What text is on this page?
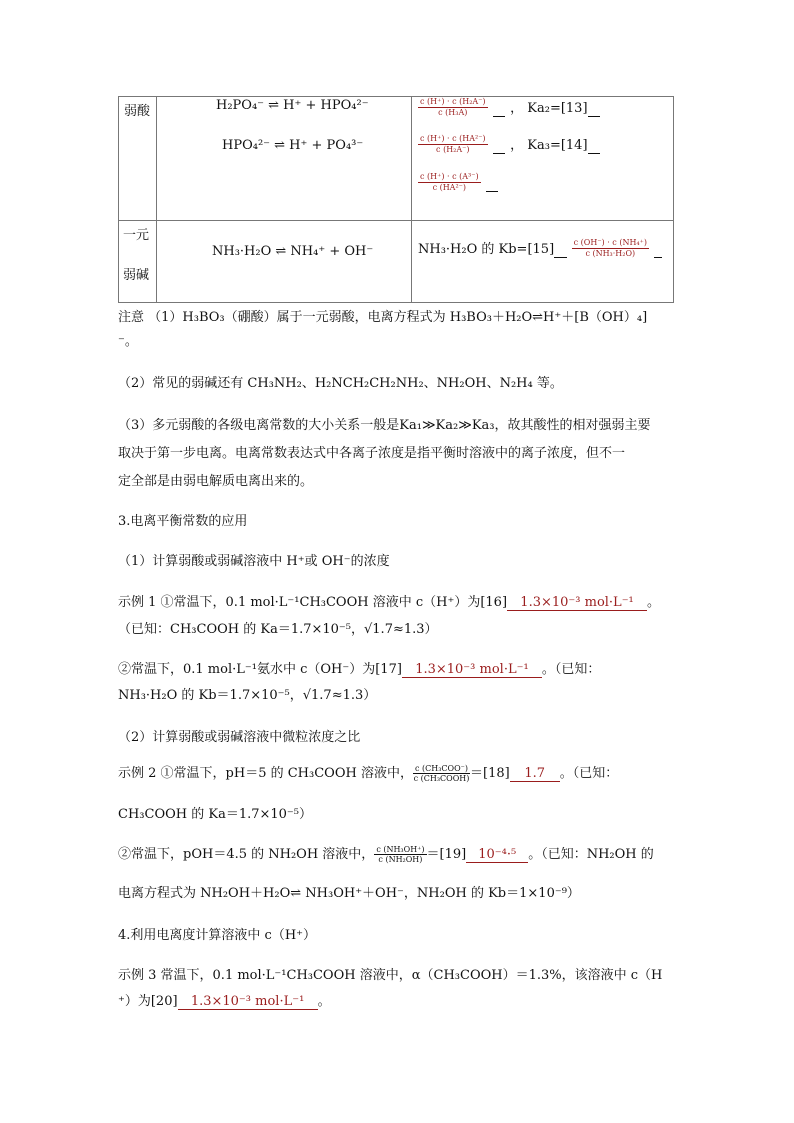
弱酸	H₂PO₄⁻ ⇌ H⁺ + HPO₄²⁻
HPO₄²⁻ ⇌ H⁺ + PO₄³⁻
$\frac{\text{c (H⁺) · c (H₂A⁻)}}{\text{c (H₃A)}}$ ， Ka₂=[13]
$\frac{\text{c (H⁺) · c (HA²⁻)}}{\text{c (H₂A⁻)}}$ ， Ka₃=[14]
$\frac{\text{c (H⁺) · c (A³⁻)}}{\text{c (HA²⁻)}}$

一元
弱碱
NH₃·H₂O ⇌ NH₄⁺ + OH⁻	NH₃·H₂O 的 $Kb=[15] \frac{\text{c (OH⁻) · c (NH₄⁺)}}{\text{c (NH₃·H₂O)}}$

注意 （1）H₃BO₃（硼酸）属于一元弱酸，电离方程式为 H₃BO₃＋H₂O⇌H⁺＋[B（OH）₄]
⁻。
（2）常见的弱碱还有 CH₃NH₂、H₂NCH₂CH₂NH₂、NH₂OH、N₂H₄ 等。
（3）多元弱酸的各级电离常数的大小关系一般是Ka₁≫Ka₂≫Ka₃，故其酸性的相对强弱主要
取决于第一步电离。电离常数表达式中各离子浓度是指平衡时溶液中的离子浓度，但不一
定全部是由弱电解质电离出来的。
3.电离平衡常数的应用
（1）计算弱酸或弱碱溶液中 H⁺或 OH⁻的浓度
示例 1 ①常温下，0.1 mol·L⁻¹CH₃COOH 溶液中 c（H⁺）为[16] 1.3×10⁻³ mol·L⁻¹ 。
（已知：CH₃COOH 的 Ka＝1.7×10⁻⁵，√1.7≈1.3）
②常温下，0.1 mol·L⁻¹氨水中 c（OH⁻）为[17] 1.3×10⁻³ mol·L⁻¹ 。（已知：
NH₃·H₂O 的 Kb＝1.7×10⁻⁵，√1.7≈1.3）
（2）计算弱酸或弱碱溶液中微粒浓度之比
示例 2 ①常温下，pH＝5 的 CH₃COOH 溶液中， $\frac{\text{c (CH₃COO⁻)}}{\text{c (CH₃COOH)}} =[18]$ 1.7 。（已知：
CH₃COOH 的 Ka＝1.7×10⁻⁵）
②常温下，pOH＝4.5 的 NH₂OH 溶液中， $\frac{\text{c (NH₃OH⁺)}}{\text{c (NH₂OH)}} =[19]$ 10⁻⁴·⁵ 。（已知：NH₂OH 的
电离方程式为 NH₂OH＋H₂O⇌ NH₃OH⁺＋OH⁻，NH₂OH 的 Kb＝1×10⁻⁹）
4.利用电离度计算溶液中 c（H⁺）
示例 3 常温下，0.1 mol·L⁻¹CH₃COOH 溶液中，α（CH₃COOH）＝1.3%，该溶液中 c（H
⁺）为[20] 1.3×10⁻³ mol·L⁻¹ 。
